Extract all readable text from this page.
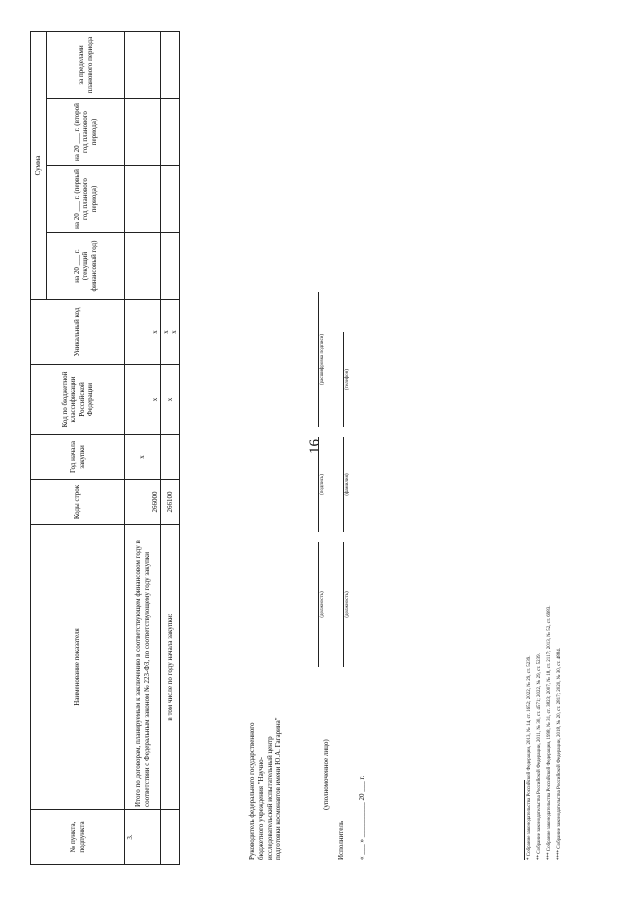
16
№ пункта, подпункта	Наименование показателя	Коды строк	Год начала закупки	Код по бюджетной классификации Российской Федерации	Уникальный код	Сумма			
						на 20 ___ г. (текущий финансовый год)	на 20 ___ г. (первый год планового периода)	на 20 ___ г. (второй год планового периода)	за пределами планового периода
3.	Итого по договорам, планируемым к заключению в соответствующем финансовом году в соответствии с Федеральным законом № 223-ФЗ, по соответствующему году закупки	266000	х	х	х				
	в том числе по году начала закупки:	266100		х	х
х				
Руководитель федерального государственного бюджетного учреждения "Научно-исследовательский испытательный центр подготовки космонавтов имени Ю.А. Гагарина"	(уполномоченное лицо)
(должность)
(подпись)
(расшифровка подписи)
Исполнитель
(должность)
(фамилия)
(телефон)
« ___ » __________ 20 ___ г.	* Собрание законодательства Российской Федерации, 2013, № 14, ст. 1652; 2022, № 29, ст. 5239. ** Собрание законодательства Российской Федерации, 2011, № 30, ст. 4571; 2022, № 29, ст. 5239. *** Собрание законодательства Российской Федерации, 1998, № 31, ст. 3823; 2007, № 18, ст. 2117; 2013, № 52, ст. 6983. **** Собрание законодательства Российской Федерации, 2018, № 20, ст. 2817; 2020, № 30, ст. 4884.
